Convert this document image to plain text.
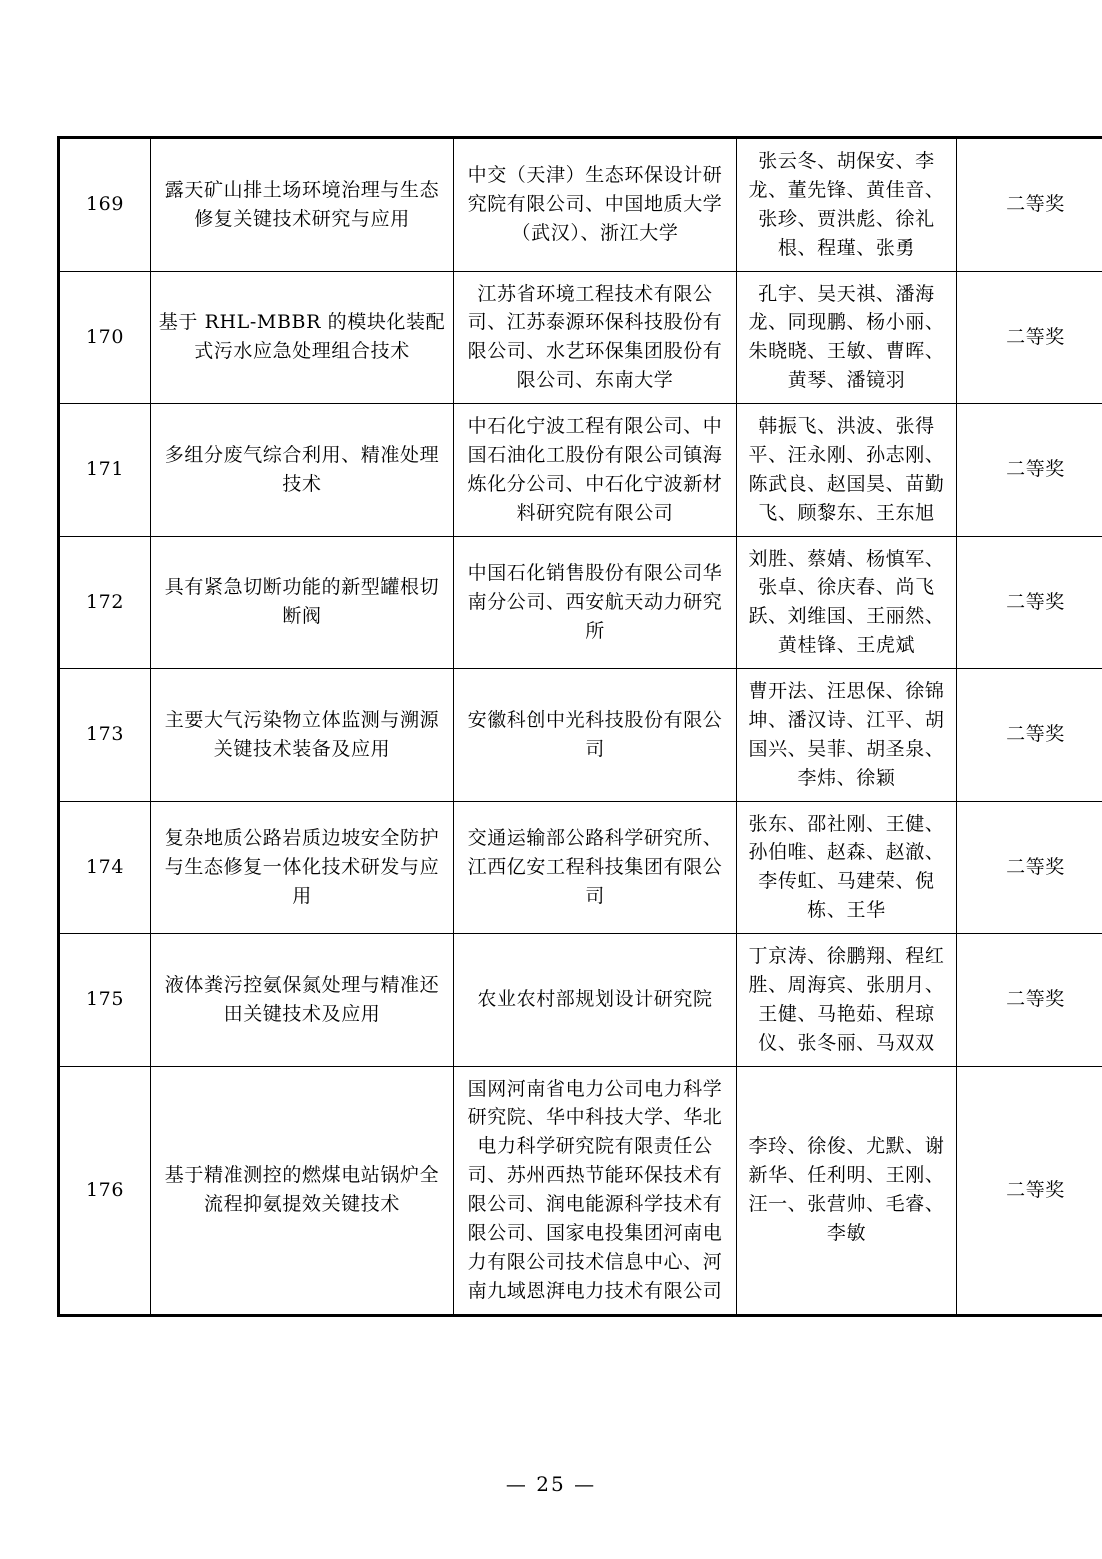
169	露天矿山排土场环境治理与生态修复关键技术研究与应用	中交（天津）生态环保设计研究院有限公司、中国地质大学（武汉）、浙江大学	张云冬、胡保安、李龙、董先锋、黄佳音、张珍、贾洪彪、徐礼根、程瑾、张勇	二等奖
170	基于 RHL-MBBR 的模块化装配式污水应急处理组合技术	江苏省环境工程技术有限公司、江苏泰源环保科技股份有限公司、水艺环保集团股份有限公司、东南大学	孔宇、吴天祺、潘海龙、同现鹏、杨小丽、朱晓晓、王敏、曹晖、黄琴、潘镜羽	二等奖
171	多组分废气综合利用、精准处理技术	中石化宁波工程有限公司、中国石油化工股份有限公司镇海炼化分公司、中石化宁波新材料研究院有限公司	韩振飞、洪波、张得平、汪永刚、孙志刚、陈武良、赵国昊、苗勤飞、顾黎东、王东旭	二等奖
172	具有紧急切断功能的新型罐根切断阀	中国石化销售股份有限公司华南分公司、西安航天动力研究所	刘胜、蔡婧、杨慎军、张卓、徐庆春、尚飞跃、刘维国、王丽然、黄桂锋、王虎斌	二等奖
173	主要大气污染物立体监测与溯源关键技术装备及应用	安徽科创中光科技股份有限公司	曹开法、汪思保、徐锦坤、潘汉诗、江平、胡国兴、吴菲、胡圣泉、李炜、徐颖	二等奖
174	复杂地质公路岩质边坡安全防护与生态修复一体化技术研发与应用	交通运输部公路科学研究所、江西亿安工程科技集团有限公司	张东、邵社刚、王健、孙伯唯、赵森、赵澈、李传虹、马建荣、倪栋、王华	二等奖
175	液体粪污控氨保氮处理与精准还田关键技术及应用	农业农村部规划设计研究院	丁京涛、徐鹏翔、程红胜、周海宾、张朋月、王健、马艳茹、程琼仪、张冬丽、马双双	二等奖
176	基于精准测控的燃煤电站锅炉全流程抑氨提效关键技术	国网河南省电力公司电力科学研究院、华中科技大学、华北电力科学研究院有限责任公司、苏州西热节能环保技术有限公司、润电能源科学技术有限公司、国家电投集团河南电力有限公司技术信息中心、河南九域恩湃电力技术有限公司	李玲、徐俊、尤默、谢新华、任利明、王刚、汪一、张营帅、毛睿、李敏	二等奖
— 25 —
